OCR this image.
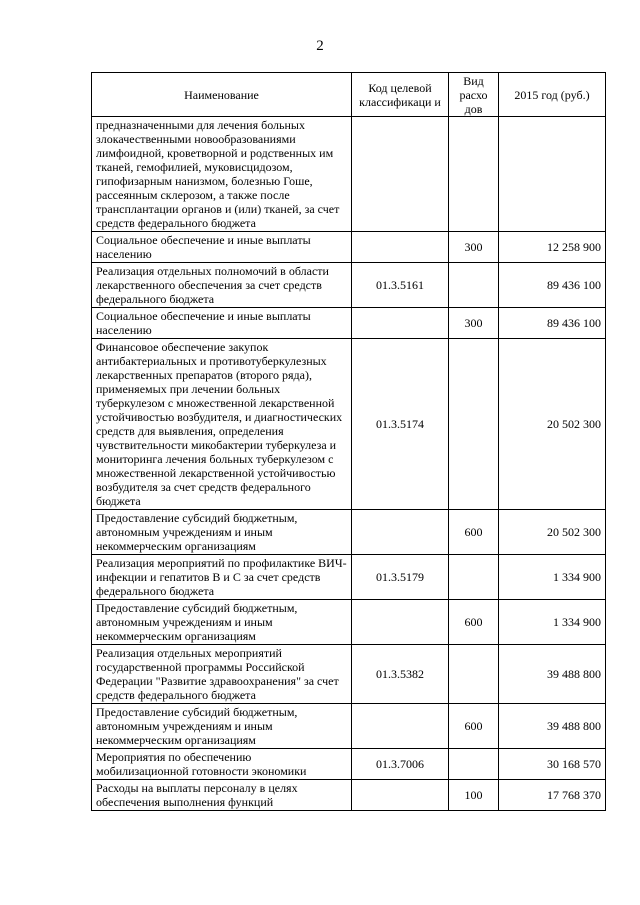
2
Наименование	Код целевой классификаци и	Вид расхо дов	2015 год (руб.)
предназначенными для лечения больных злокачественными новообразованиями лимфоидной, кроветворной и родственных им тканей, гемофилией, муковисцидозом, гипофизарным нанизмом, болезнью Гоше, рассеянным склерозом, а также после трансплантации органов и (или) тканей, за счет средств федерального бюджета			
Социальное обеспечение и иные выплаты населению		300	12 258 900
Реализация отдельных полномочий в области лекарственного обеспечения за счет средств федерального бюджета	01.3.5161		89 436 100
Социальное обеспечение и иные выплаты населению		300	89 436 100
Финансовое обеспечение закупок антибактериальных и противотуберкулезных лекарственных препаратов (второго ряда), применяемых при лечении больных туберкулезом с множественной лекарственной устойчивостью возбудителя, и диагностических средств для выявления, определения чувствительности микобактерии туберкулеза и мониторинга лечения больных туберкулезом с множественной лекарственной устойчивостью возбудителя за счет средств федерального бюджета	01.3.5174		20 502 300
Предоставление субсидий бюджетным, автономным учреждениям и иным некоммерческим организациям		600	20 502 300
Реализация мероприятий по профилактике ВИЧ-инфекции и гепатитов B и C за счет средств федерального бюджета	01.3.5179		1 334 900
Предоставление субсидий бюджетным, автономным учреждениям и иным некоммерческим организациям		600	1 334 900
Реализация отдельных мероприятий государственной программы Российской Федерации "Развитие здравоохранения" за счет средств федерального бюджета	01.3.5382		39 488 800
Предоставление субсидий бюджетным, автономным учреждениям и иным некоммерческим организациям		600	39 488 800
Мероприятия по обеспечению мобилизационной готовности экономики	01.3.7006		30 168 570
Расходы на выплаты персоналу в целях обеспечения выполнения функций		100	17 768 370
